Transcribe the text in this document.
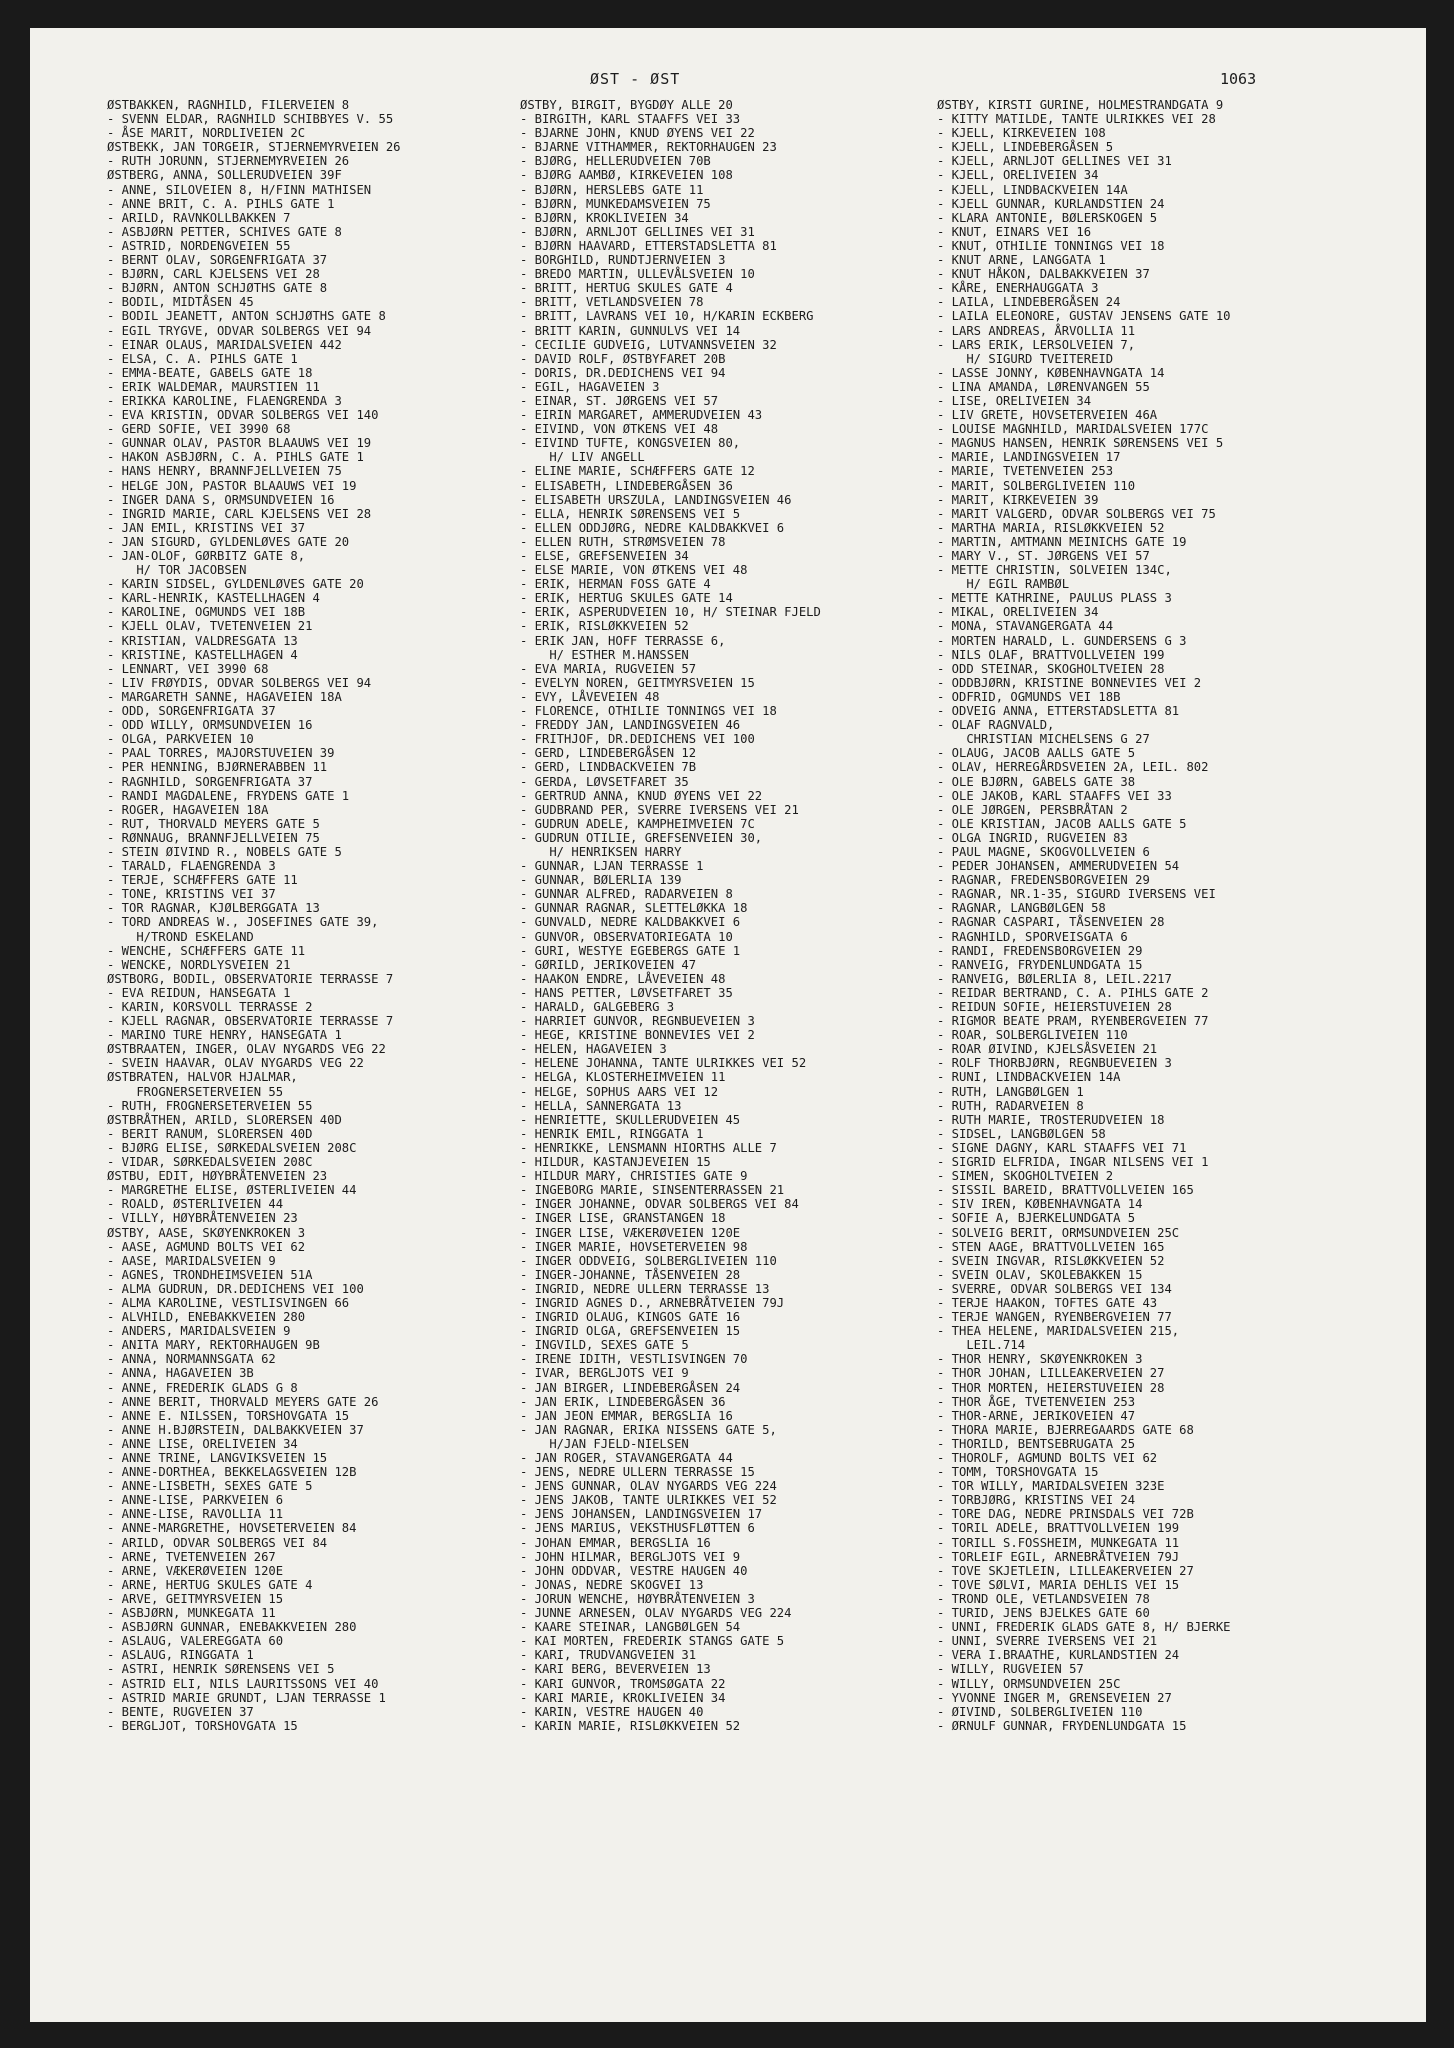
ØST - ØST	1063
ØSTBAKKEN, RAGNHILD, FILERVEIEN 8
- SVENN ELDAR, RAGNHILD SCHIBBYES V. 55
- ÅSE MARIT, NORDLIVEIEN 2C
ØSTBEKK, JAN TORGEIR, STJERNEMYRVEIEN 26
- RUTH JORUNN, STJERNEMYRVEIEN 26
ØSTBERG, ANNA, SOLLERUDVEIEN 39F
- ANNE, SILOVEIEN 8, H/FINN MATHISEN
- ANNE BRIT, C. A. PIHLS GATE 1
- ARILD, RAVNKOLLBAKKEN 7
- ASBJØRN PETTER, SCHIVES GATE 8
- ASTRID, NORDENGVEIEN 55
- BERNT OLAV, SORGENFRIGATA 37
- BJØRN, CARL KJELSENS VEI 28
- BJØRN, ANTON SCHJØTHS GATE 8
- BODIL, MIDTÅSEN 45
- BODIL JEANETT, ANTON SCHJØTHS GATE 8
- EGIL TRYGVE, ODVAR SOLBERGS VEI 94
- EINAR OLAUS, MARIDALSVEIEN 442
- ELSA, C. A. PIHLS GATE 1
- EMMA-BEATE, GABELS GATE 18
- ERIK WALDEMAR, MAURSTIEN 11
- ERIKKA KAROLINE, FLAENGRENDA 3
- EVA KRISTIN, ODVAR SOLBERGS VEI 140
- GERD SOFIE, VEI 3990 68
- GUNNAR OLAV, PASTOR BLAAUWS VEI 19
- HAKON ASBJØRN, C. A. PIHLS GATE 1
- HANS HENRY, BRANNFJELLVEIEN 75
- HELGE JON, PASTOR BLAAUWS VEI 19
- INGER DANA S, ORMSUNDVEIEN 16
- INGRID MARIE, CARL KJELSENS VEI 28
- JAN EMIL, KRISTINS VEI 37
- JAN SIGURD, GYLDENLØVES GATE 20
- JAN-OLOF, GØRBITZ GATE 8,
H/ TOR JACOBSEN
- KARIN SIDSEL, GYLDENLØVES GATE 20
- KARL-HENRIK, KASTELLHAGEN 4
- KAROLINE, OGMUNDS VEI 18B
- KJELL OLAV, TVETENVEIEN 21
- KRISTIAN, VALDRESGATA 13
- KRISTINE, KASTELLHAGEN 4
- LENNART, VEI 3990 68
- LIV FRØYDIS, ODVAR SOLBERGS VEI 94
- MARGARETH SANNE, HAGAVEIEN 18A
- ODD, SORGENFRIGATA 37
- ODD WILLY, ORMSUNDVEIEN 16
- OLGA, PARKVEIEN 10
- PAAL TORRES, MAJORSTUVEIEN 39
- PER HENNING, BJØRNERABBEN 11
- RAGNHILD, SORGENFRIGATA 37
- RANDI MAGDALENE, FRYDENS GATE 1
- ROGER, HAGAVEIEN 18A
- RUT, THORVALD MEYERS GATE 5
- RØNNAUG, BRANNFJELLVEIEN 75
- STEIN ØIVIND R., NOBELS GATE 5
- TARALD, FLAENGRENDA 3
- TERJE, SCHÆFFERS GATE 11
- TONE, KRISTINS VEI 37
- TOR RAGNAR, KJØLBERGGATA 13
- TORD ANDREAS W., JOSEFINES GATE 39,
H/TROND ESKELAND
- WENCHE, SCHÆFFERS GATE 11
- WENCKE, NORDLYSVEIEN 21
ØSTBORG, BODIL, OBSERVATORIE TERRASSE 7
- EVA REIDUN, HANSEGATA 1
- KARIN, KORSVOLL TERRASSE 2
- KJELL RAGNAR, OBSERVATORIE TERRASSE 7
- MARINO TURE HENRY, HANSEGATA 1
ØSTBRAATEN, INGER, OLAV NYGARDS VEG 22
- SVEIN HAAVAR, OLAV NYGARDS VEG 22
ØSTBRATEN, HALVOR HJALMAR,
FROGNERSETERVEIEN 55
- RUTH, FROGNERSETERVEIEN 55
ØSTBRÅTHEN, ARILD, SLORERSEN 40D
- BERIT RANUM, SLORERSEN 40D
- BJØRG ELISE, SØRKEDALSVEIEN 208C
- VIDAR, SØRKEDALSVEIEN 208C
ØSTBU, EDIT, HØYBRÅTENVEIEN 23
- MARGRETHE ELISE, ØSTERLIVEIEN 44
- ROALD, ØSTERLIVEIEN 44
- VILLY, HØYBRÅTENVEIEN 23
ØSTBY, AASE, SKØYENKROKEN 3
- AASE, AGMUND BOLTS VEI 62
- AASE, MARIDALSVEIEN 9
- AGNES, TRONDHEIMSVEIEN 51A
- ALMA GUDRUN, DR.DEDICHENS VEI 100
- ALMA KAROLINE, VESTLISVINGEN 66
- ALVHILD, ENEBAKKVEIEN 280
- ANDERS, MARIDALSVEIEN 9
- ANITA MARY, REKTORHAUGEN 9B
- ANNA, NORMANNSGATA 62
- ANNA, HAGAVEIEN 3B
- ANNE, FREDERIK GLADS G 8
- ANNE BERIT, THORVALD MEYERS GATE 26
- ANNE E. NILSSEN, TORSHOVGATA 15
- ANNE H.BJØRSTEIN, DALBAKKVEIEN 37
- ANNE LISE, ORELIVEIEN 34
- ANNE TRINE, LANGVIKSVEIEN 15
- ANNE-DORTHEA, BEKKELAGSVEIEN 12B
- ANNE-LISBETH, SEXES GATE 5
- ANNE-LISE, PARKVEIEN 6
- ANNE-LISE, RAVOLLIA 11
- ANNE-MARGRETHE, HOVSETERVEIEN 84
- ARILD, ODVAR SOLBERGS VEI 84
- ARNE, TVETENVEIEN 267
- ARNE, VÆKERØVEIEN 120E
- ARNE, HERTUG SKULES GATE 4
- ARVE, GEITMYRSVEIEN 15
- ASBJØRN, MUNKEGATA 11
- ASBJØRN GUNNAR, ENEBAKKVEIEN 280
- ASLAUG, VALEREGGATA 60
- ASLAUG, RINGGATA 1
- ASTRI, HENRIK SØRENSENS VEI 5
- ASTRID ELI, NILS LAURITSSONS VEI 40
- ASTRID MARIE GRUNDT, LJAN TERRASSE 1
- BENTE, RUGVEIEN 37
- BERGLJOT, TORSHOVGATA 15
ØSTBY, BIRGIT, BYGDØY ALLE 20
- BIRGITH, KARL STAAFFS VEI 33
- BJARNE JOHN, KNUD ØYENS VEI 22
- BJARNE VITHAMMER, REKTORHAUGEN 23
- BJØRG, HELLERUDVEIEN 70B
- BJØRG AAMBØ, KIRKEVEIEN 108
- BJØRN, HERSLEBS GATE 11
- BJØRN, MUNKEDAMSVEIEN 75
- BJØRN, KROKLIVEIEN 34
- BJØRN, ARNLJOT GELLINES VEI 31
- BJØRN HAAVARD, ETTERSTADSLETTA 81
- BORGHILD, RUNDTJERNVEIEN 3
- BREDO MARTIN, ULLEVÅLSVEIEN 10
- BRITT, HERTUG SKULES GATE 4
- BRITT, VETLANDSVEIEN 78
- BRITT, LAVRANS VEI 10, H/KARIN ECKBERG
- BRITT KARIN, GUNNULVS VEI 14
- CECILIE GUDVEIG, LUTVANNSVEIEN 32
- DAVID ROLF, ØSTBYFARET 20B
- DORIS, DR.DEDICHENS VEI 94
- EGIL, HAGAVEIEN 3
- EINAR, ST. JØRGENS VEI 57
- EIRIN MARGARET, AMMERUDVEIEN 43
- EIVIND, VON ØTKENS VEI 48
- EIVIND TUFTE, KONGSVEIEN 80,
H/ LIV ANGELL
- ELINE MARIE, SCHÆFFERS GATE 12
- ELISABETH, LINDEBERGÅSEN 36
- ELISABETH URSZULA, LANDINGSVEIEN 46
- ELLA, HENRIK SØRENSENS VEI 5
- ELLEN ODDJØRG, NEDRE KALDBAKKVEI 6
- ELLEN RUTH, STRØMSVEIEN 78
- ELSE, GREFSENVEIEN 34
- ELSE MARIE, VON ØTKENS VEI 48
- ERIK, HERMAN FOSS GATE 4
- ERIK, HERTUG SKULES GATE 14
- ERIK, ASPERUDVEIEN 10, H/ STEINAR FJELD
- ERIK, RISLØKKVEIEN 52
- ERIK JAN, HOFF TERRASSE 6,
H/ ESTHER M.HANSSEN
- EVA MARIA, RUGVEIEN 57
- EVELYN NOREN, GEITMYRSVEIEN 15
- EVY, LÅVEVEIEN 48
- FLORENCE, OTHILIE TONNINGS VEI 18
- FREDDY JAN, LANDINGSVEIEN 46
- FRITHJOF, DR.DEDICHENS VEI 100
- GERD, LINDEBERGÅSEN 12
- GERD, LINDBACKVEIEN 7B
- GERDA, LØVSETFARET 35
- GERTRUD ANNA, KNUD ØYENS VEI 22
- GUDBRAND PER, SVERRE IVERSENS VEI 21
- GUDRUN ADELE, KAMPHEIMVEIEN 7C
- GUDRUN OTILIE, GREFSENVEIEN 30,
H/ HENRIKSEN HARRY
- GUNNAR, LJAN TERRASSE 1
- GUNNAR, BØLERLIA 139
- GUNNAR ALFRED, RADARVEIEN 8
- GUNNAR RAGNAR, SLETTELØKKA 18
- GUNVALD, NEDRE KALDBAKKVEI 6
- GUNVOR, OBSERVATORIEGATA 10
- GURI, WESTYE EGEBERGS GATE 1
- GØRILD, JERIKOVEIEN 47
- HAAKON ENDRE, LÅVEVEIEN 48
- HANS PETTER, LØVSETFARET 35
- HARALD, GALGEBERG 3
- HARRIET GUNVOR, REGNBUEVEIEN 3
- HEGE, KRISTINE BONNEVIES VEI 2
- HELEN, HAGAVEIEN 3
- HELENE JOHANNA, TANTE ULRIKKES VEI 52
- HELGA, KLOSTERHEIMVEIEN 11
- HELGE, SOPHUS AARS VEI 12
- HELLA, SANNERGATA 13
- HENRIETTE, SKULLERUDVEIEN 45
- HENRIK EMIL, RINGGATA 1
- HENRIKKE, LENSMANN HIORTHS ALLE 7
- HILDUR, KASTANJEVEIEN 15
- HILDUR MARY, CHRISTIES GATE 9
- INGEBORG MARIE, SINSENTERRASSEN 21
- INGER JOHANNE, ODVAR SOLBERGS VEI 84
- INGER LISE, GRANSTANGEN 18
- INGER LISE, VÆKERØVEIEN 120E
- INGER MARIE, HOVSETERVEIEN 98
- INGER ODDVEIG, SOLBERGLIVEIEN 110
- INGER-JOHANNE, TÅSENVEIEN 28
- INGRID, NEDRE ULLERN TERRASSE 13
- INGRID AGNES D., ARNEBRÅTVEIEN 79J
- INGRID OLAUG, KINGOS GATE 16
- INGRID OLGA, GREFSENVEIEN 15
- INGVILD, SEXES GATE 5
- IRENE IDITH, VESTLISVINGEN 70
- IVAR, BERGLJOTS VEI 9
- JAN BIRGER, LINDEBERGÅSEN 24
- JAN ERIK, LINDEBERGÅSEN 36
- JAN JEON EMMAR, BERGSLIA 16
- JAN RAGNAR, ERIKA NISSENS GATE 5,
H/JAN FJELD-NIELSEN
- JAN ROGER, STAVANGERGATA 44
- JENS, NEDRE ULLERN TERRASSE 15
- JENS GUNNAR, OLAV NYGARDS VEG 224
- JENS JAKOB, TANTE ULRIKKES VEI 52
- JENS JOHANSEN, LANDINGSVEIEN 17
- JENS MARIUS, VEKSTHUSFLØTTEN 6
- JOHAN EMMAR, BERGSLIA 16
- JOHN HILMAR, BERGLJOTS VEI 9
- JOHN ODDVAR, VESTRE HAUGEN 40
- JONAS, NEDRE SKOGVEI 13
- JORUN WENCHE, HØYBRÅTENVEIEN 3
- JUNNE ARNESEN, OLAV NYGARDS VEG 224
- KAARE STEINAR, LANGBØLGEN 54
- KAI MORTEN, FREDERIK STANGS GATE 5
- KARI, TRUDVANGVEIEN 31
- KARI BERG, BEVERVEIEN 13
- KARI GUNVOR, TROMSØGATA 22
- KARI MARIE, KROKLIVEIEN 34
- KARIN, VESTRE HAUGEN 40
- KARIN MARIE, RISLØKKVEIEN 52
ØSTBY, KIRSTI GURINE, HOLMESTRANDGATA 9
- KITTY MATILDE, TANTE ULRIKKES VEI 28
- KJELL, KIRKEVEIEN 108
- KJELL, LINDEBERGÅSEN 5
- KJELL, ARNLJOT GELLINES VEI 31
- KJELL, ORELIVEIEN 34
- KJELL, LINDBACKVEIEN 14A
- KJELL GUNNAR, KURLANDSTIEN 24
- KLARA ANTONIE, BØLERSKOGEN 5
- KNUT, EINARS VEI 16
- KNUT, OTHILIE TONNINGS VEI 18
- KNUT ARNE, LANGGATA 1
- KNUT HÅKON, DALBAKKVEIEN 37
- KÅRE, ENERHAUGGATA 3
- LAILA, LINDEBERGÅSEN 24
- LAILA ELEONORE, GUSTAV JENSENS GATE 10
- LARS ANDREAS, ÅRVOLLIA 11
- LARS ERIK, LERSOLVEIEN 7,
H/ SIGURD TVEITEREID
- LASSE JONNY, KØBENHAVNGATA 14
- LINA AMANDA, LØRENVANGEN 55
- LISE, ORELIVEIEN 34
- LIV GRETE, HOVSETERVEIEN 46A
- LOUISE MAGNHILD, MARIDALSVEIEN 177C
- MAGNUS HANSEN, HENRIK SØRENSENS VEI 5
- MARIE, LANDINGSVEIEN 17
- MARIE, TVETENVEIEN 253
- MARIT, SOLBERGLIVEIEN 110
- MARIT, KIRKEVEIEN 39
- MARIT VALGERD, ODVAR SOLBERGS VEI 75
- MARTHA MARIA, RISLØKKVEIEN 52
- MARTIN, AMTMANN MEINICHS GATE 19
- MARY V., ST. JØRGENS VEI 57
- METTE CHRISTIN, SOLVEIEN 134C,
H/ EGIL RAMBØL
- METTE KATHRINE, PAULUS PLASS 3
- MIKAL, ORELIVEIEN 34
- MONA, STAVANGERGATA 44
- MORTEN HARALD, L. GUNDERSENS G 3
- NILS OLAF, BRATTVOLLVEIEN 199
- ODD STEINAR, SKOGHOLTVEIEN 28
- ODDBJØRN, KRISTINE BONNEVIES VEI 2
- ODFRID, OGMUNDS VEI 18B
- ODVEIG ANNA, ETTERSTADSLETTA 81
- OLAF RAGNVALD,
CHRISTIAN MICHELSENS G 27
- OLAUG, JACOB AALLS GATE 5
- OLAV, HERREGÅRDSVEIEN 2A, LEIL. 802
- OLE BJØRN, GABELS GATE 38
- OLE JAKOB, KARL STAAFFS VEI 33
- OLE JØRGEN, PERSBRÅTAN 2
- OLE KRISTIAN, JACOB AALLS GATE 5
- OLGA INGRID, RUGVEIEN 83
- PAUL MAGNE, SKOGVOLLVEIEN 6
- PEDER JOHANSEN, AMMERUDVEIEN 54
- RAGNAR, FREDENSBORGVEIEN 29
- RAGNAR, NR.1-35, SIGURD IVERSENS VEI
- RAGNAR, LANGBØLGEN 58
- RAGNAR CASPARI, TÅSENVEIEN 28
- RAGNHILD, SPORVEISGATA 6
- RANDI, FREDENSBORGVEIEN 29
- RANVEIG, FRYDENLUNDGATA 15
- RANVEIG, BØLERLIA 8, LEIL.2217
- REIDAR BERTRAND, C. A. PIHLS GATE 2
- REIDUN SOFIE, HEIERSTUVEIEN 28
- RIGMOR BEATE PRAM, RYENBERGVEIEN 77
- ROAR, SOLBERGLIVEIEN 110
- ROAR ØIVIND, KJELSÅSVEIEN 21
- ROLF THORBJØRN, REGNBUEVEIEN 3
- RUNI, LINDBACKVEIEN 14A
- RUTH, LANGBØLGEN 1
- RUTH, RADARVEIEN 8
- RUTH MARIE, TROSTERUDVEIEN 18
- SIDSEL, LANGBØLGEN 58
- SIGNE DAGNY, KARL STAAFFS VEI 71
- SIGRID ELFRIDA, INGAR NILSENS VEI 1
- SIMEN, SKOGHOLTVEIEN 2
- SISSIL BAREID, BRATTVOLLVEIEN 165
- SIV IREN, KØBENHAVNGATA 14
- SOFIE A, BJERKELUNDGATA 5
- SOLVEIG BERIT, ORMSUNDVEIEN 25C
- STEN AAGE, BRATTVOLLVEIEN 165
- SVEIN INGVAR, RISLØKKVEIEN 52
- SVEIN OLAV, SKOLEBAKKEN 15
- SVERRE, ODVAR SOLBERGS VEI 134
- TERJE HAAKON, TOFTES GATE 43
- TERJE WANGEN, RYENBERGVEIEN 77
- THEA HELENE, MARIDALSVEIEN 215,
LEIL.714
- THOR HENRY, SKØYENKROKEN 3
- THOR JOHAN, LILLEAKERVEIEN 27
- THOR MORTEN, HEIERSTUVEIEN 28
- THOR ÅGE, TVETENVEIEN 253
- THOR-ARNE, JERIKOVEIEN 47
- THORA MARIE, BJERREGAARDS GATE 68
- THORILD, BENTSEBRUGATA 25
- THOROLF, AGMUND BOLTS VEI 62
- TOMM, TORSHOVGATA 15
- TOR WILLY, MARIDALSVEIEN 323E
- TORBJØRG, KRISTINS VEI 24
- TORE DAG, NEDRE PRINSDALS VEI 72B
- TORIL ADELE, BRATTVOLLVEIEN 199
- TORILL S.FOSSHEIM, MUNKEGATA 11
- TORLEIF EGIL, ARNEBRÅTVEIEN 79J
- TOVE SKJETLEIN, LILLEAKERVEIEN 27
- TOVE SØLVI, MARIA DEHLIS VEI 15
- TROND OLE, VETLANDSVEIEN 78
- TURID, JENS BJELKES GATE 60
- UNNI, FREDERIK GLADS GATE 8, H/ BJERKE
- UNNI, SVERRE IVERSENS VEI 21
- VERA I.BRAATHE, KURLANDSTIEN 24
- WILLY, RUGVEIEN 57
- WILLY, ORMSUNDVEIEN 25C
- YVONNE INGER M, GRENSEVEIEN 27
- ØIVIND, SOLBERGLIVEIEN 110
- ØRNULF GUNNAR, FRYDENLUNDGATA 15
